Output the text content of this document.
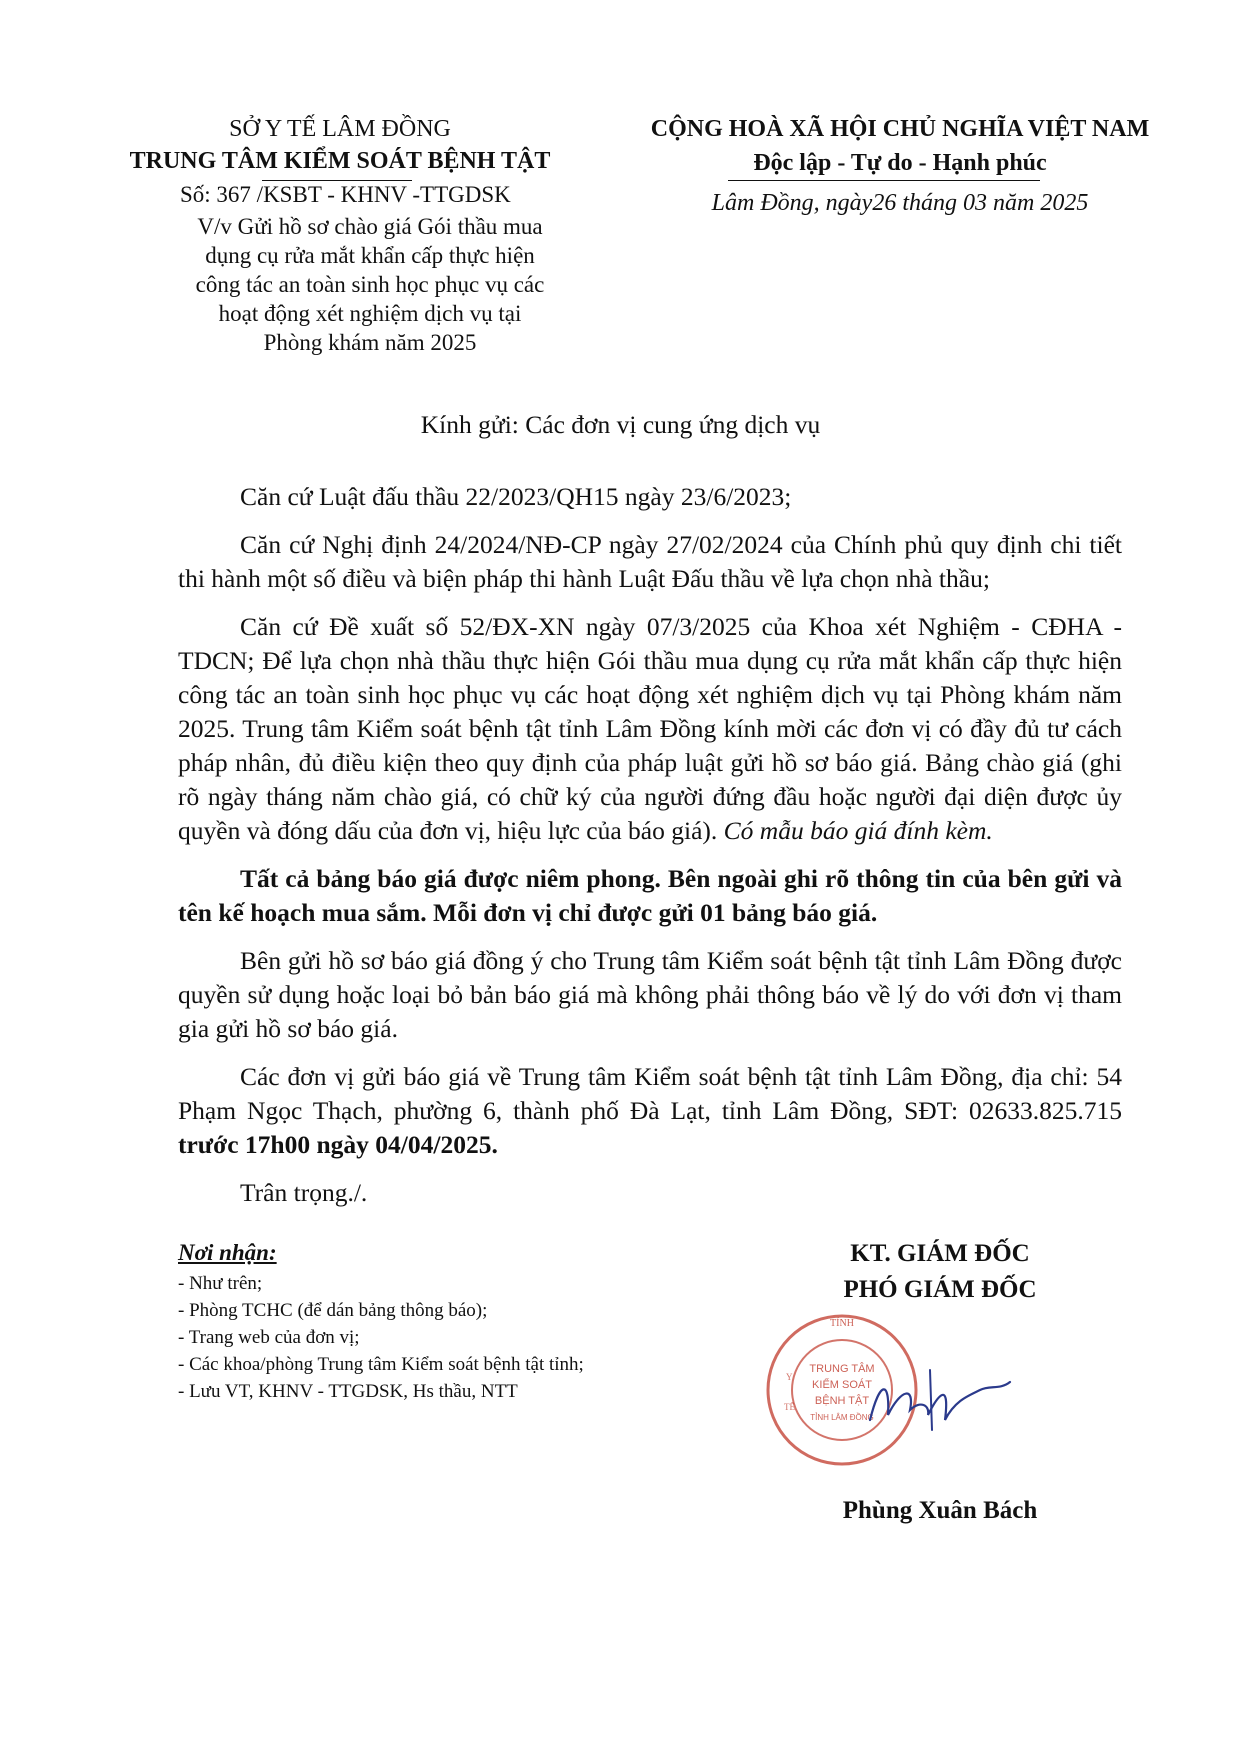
SỞ Y TẾ LÂM ĐỒNG
TRUNG TÂM KIỂM SOÁT BỆNH TẬT
Số: 367 /KSBT - KHNV -TTGDSK
V/v Gửi hồ sơ chào giá Gói thầu mua
dụng cụ rửa mắt khẩn cấp thực hiện
công tác an toàn sinh học phục vụ các
hoạt động xét nghiệm dịch vụ tại
Phòng khám năm 2025
CỘNG HOÀ XÃ HỘI CHỦ NGHĨA VIỆT NAM
Độc lập - Tự do - Hạnh phúc
Lâm Đồng, ngày26 tháng 03 năm 2025
Kính gửi: Các đơn vị cung ứng dịch vụ

Căn cứ Luật đấu thầu 22/2023/QH15 ngày 23/6/2023;

Căn cứ Nghị định 24/2024/NĐ-CP ngày 27/02/2024 của Chính phủ quy định chi tiết thi hành một số điều và biện pháp thi hành Luật Đấu thầu về lựa chọn nhà thầu;

Căn cứ Đề xuất số 52/ĐX-XN ngày 07/3/2025 của Khoa xét Nghiệm - CĐHA - TDCN; Để lựa chọn nhà thầu thực hiện Gói thầu mua dụng cụ rửa mắt khẩn cấp thực hiện công tác an toàn sinh học phục vụ các hoạt động xét nghiệm dịch vụ tại Phòng khám năm 2025. Trung tâm Kiểm soát bệnh tật tỉnh Lâm Đồng kính mời các đơn vị có đầy đủ tư cách pháp nhân, đủ điều kiện theo quy định của pháp luật gửi hồ sơ báo giá. Bảng chào giá (ghi rõ ngày tháng năm chào giá, có chữ ký của người đứng đầu hoặc người đại diện được ủy quyền và đóng dấu của đơn vị, hiệu lực của báo giá). Có mẫu báo giá đính kèm.

Tất cả bảng báo giá được niêm phong. Bên ngoài ghi rõ thông tin của bên gửi và tên kế hoạch mua sắm. Mỗi đơn vị chỉ được gửi 01 bảng báo giá.

Bên gửi hồ sơ báo giá đồng ý cho Trung tâm Kiểm soát bệnh tật tỉnh Lâm Đồng được quyền sử dụng hoặc loại bỏ bản báo giá mà không phải thông báo về lý do với đơn vị tham gia gửi hồ sơ báo giá.

Các đơn vị gửi báo giá về Trung tâm Kiểm soát bệnh tật tỉnh Lâm Đồng, địa chỉ: 54 Phạm Ngọc Thạch, phường 6, thành phố Đà Lạt, tỉnh Lâm Đồng, SĐT: 02633.825.715 trước 17h00 ngày 04/04/2025.

Trân trọng./.

Nơi nhận:
- Như trên;
- Phòng TCHC (để dán bảng thông báo);
- Trang web của đơn vị;
- Các khoa/phòng Trung tâm Kiểm soát bệnh tật tỉnh;
- Lưu VT, KHNV - TTGDSK, Hs thầu, NTT
KT. GIÁM ĐỐC
PHÓ GIÁM ĐỐC
TỈNH
TRUNG TÂM
KIỂM SOÁT
BỆNH TẬT
TỈNH LÂM ĐỒNG
Y
TẾ
Phùng Xuân Bách
